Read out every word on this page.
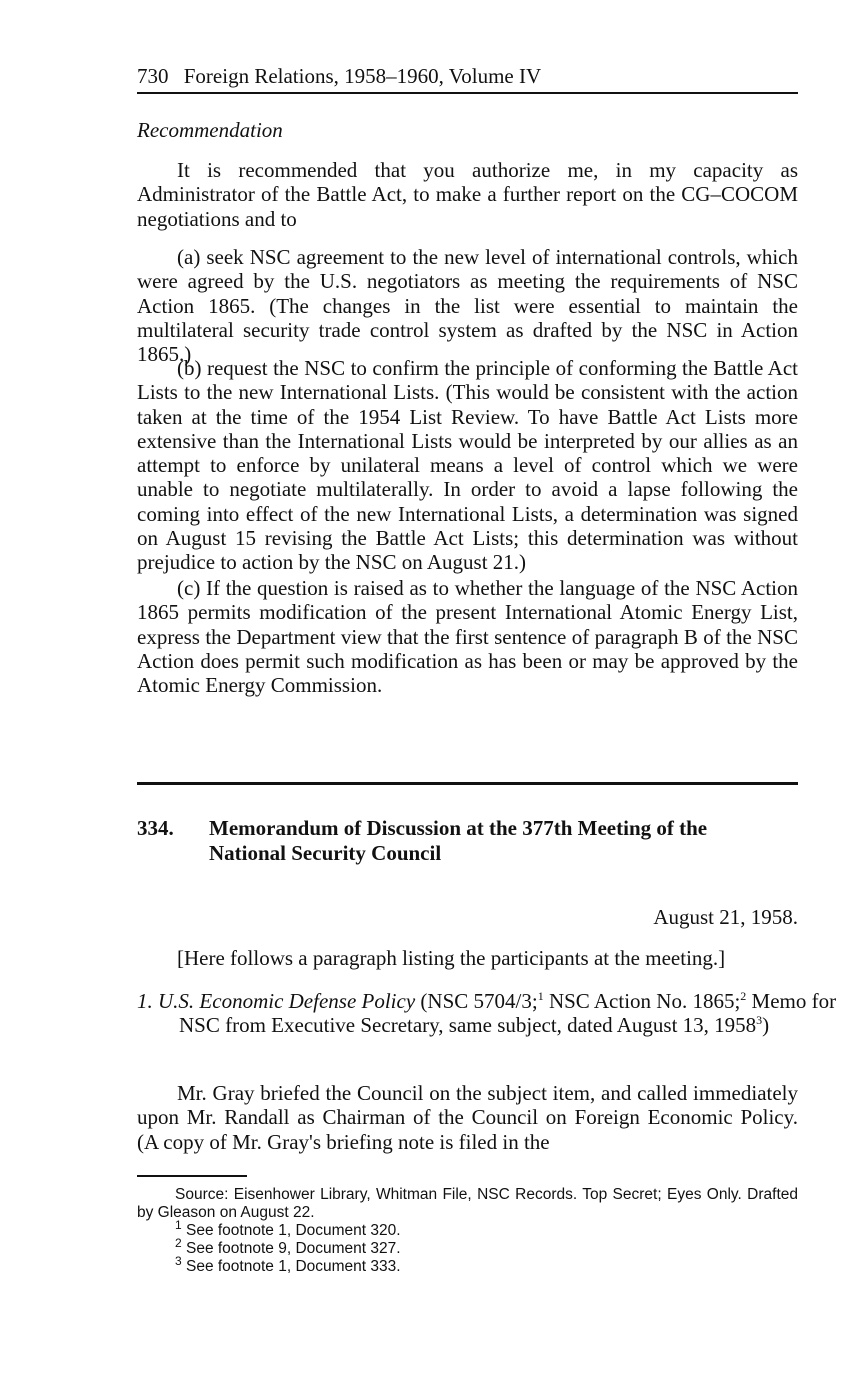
730 Foreign Relations, 1958–1960, Volume IV

Recommendation

It is recommended that you authorize me, in my capacity as Administrator of the Battle Act, to make a further report on the CG–COCOM negotiations and to

(a) seek NSC agreement to the new level of international controls, which were agreed by the U.S. negotiators as meeting the requirements of NSC Action 1865. (The changes in the list were essential to maintain the multilateral security trade control system as drafted by the NSC in Action 1865.)

(b) request the NSC to confirm the principle of conforming the Battle Act Lists to the new International Lists. (This would be consistent with the action taken at the time of the 1954 List Review. To have Battle Act Lists more extensive than the International Lists would be interpreted by our allies as an attempt to enforce by unilateral means a level of control which we were unable to negotiate multilaterally. In order to avoid a lapse following the coming into effect of the new International Lists, a determination was signed on August 15 revising the Battle Act Lists; this determination was without prejudice to action by the NSC on August 21.)

(c) If the question is raised as to whether the language of the NSC Action 1865 permits modification of the present International Atomic Energy List, express the Department view that the first sentence of paragraph B of the NSC Action does permit such modification as has been or may be approved by the Atomic Energy Commission.

334. Memorandum of Discussion at the 377th Meeting of the National Security Council

August 21, 1958.

[Here follows a paragraph listing the participants at the meeting.]

1. U.S. Economic Defense Policy (NSC 5704/3;$^1$ NSC Action No. 1865;$^2$ Memo for NSC from Executive Secretary, same subject, dated August 13, 1958$^3$)

Mr. Gray briefed the Council on the subject item, and called immediately upon Mr. Randall as Chairman of the Council on Foreign Economic Policy. (A copy of Mr. Gray's briefing note is filed in the

Source: Eisenhower Library, Whitman File, NSC Records. Top Secret; Eyes Only. Drafted by Gleason on August 22.
$^1$ See footnote 1, Document 320.
$^2$ See footnote 9, Document 327.
$^3$ See footnote 1, Document 333.
